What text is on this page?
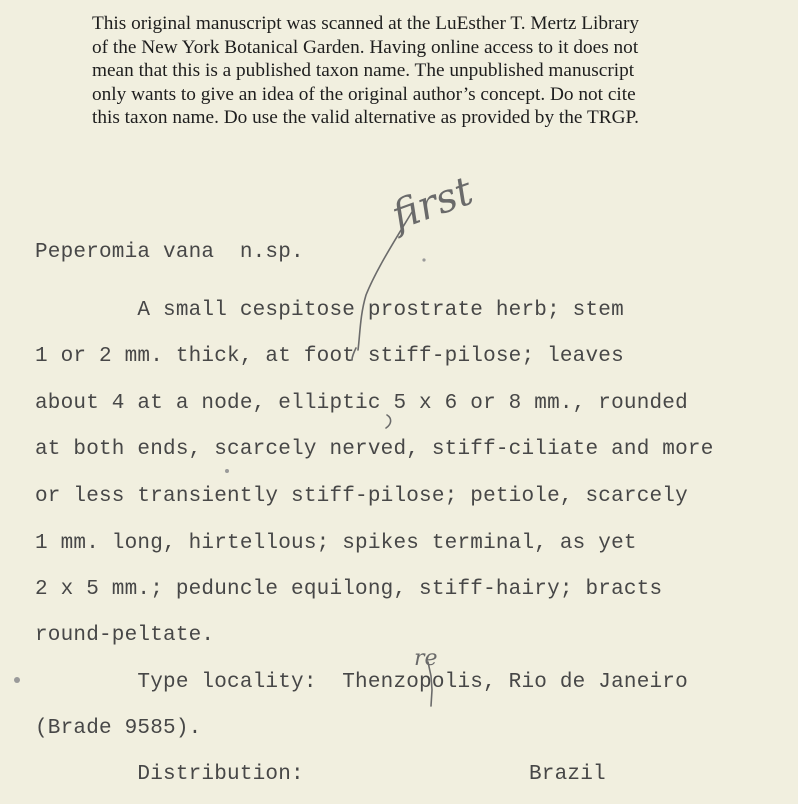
This original manuscript was scanned at the LuEsther T. Mertz Library
of the New York Botanical Garden. Having online access to it does not
mean that this is a published taxon name. The unpublished manuscript
only wants to give an idea of the original author’s concept. Do not cite
this taxon name. Do use the valid alternative as provided by the TRGP.
Peperomia vana  n.sp.
A small cespitose prostrate herb; stem
1 or 2 mm. thick, at foot stiff-pilose; leaves
about 4 at a node, elliptic 5 x 6 or 8 mm., rounded
at both ends, scarcely nerved, stiff-ciliate and more
or less transiently stiff-pilose; petiole, scarcely
1 mm. long, hirtellous; spikes terminal, as yet
2 x 5 mm.; peduncle equilong, stiff-hairy; bracts
round-peltate.
Type locality:  Thenzopolis, Rio de Janeiro
(Brade 9585).
Distribution:	Brazil
first
re
